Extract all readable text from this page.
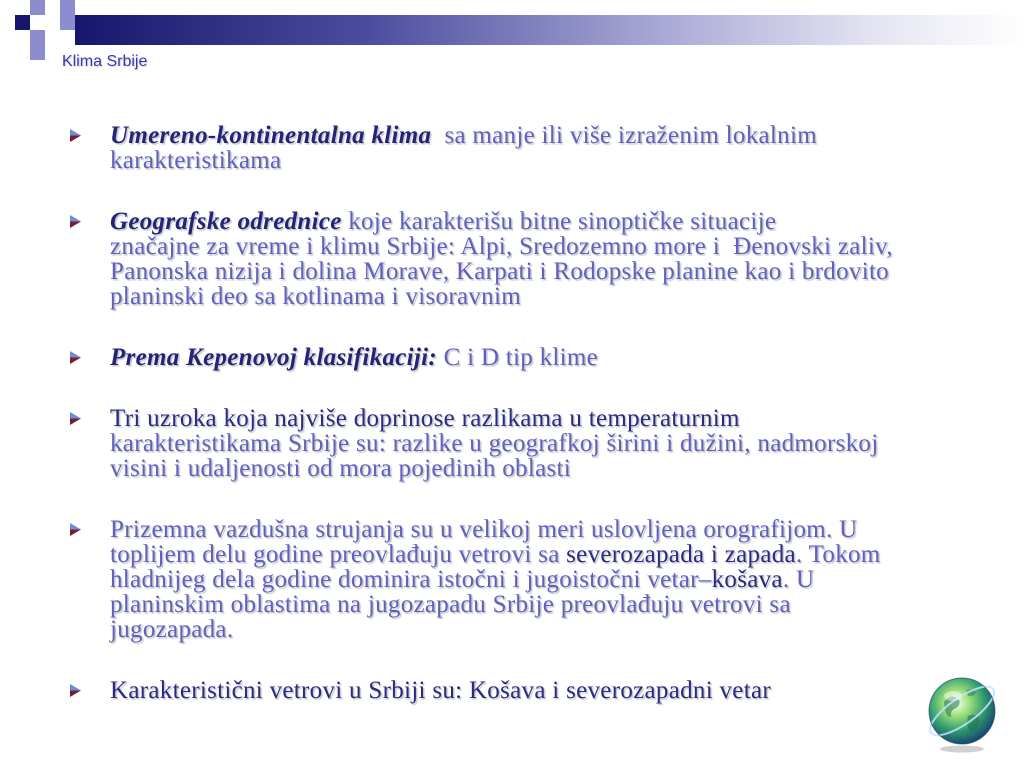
Klima Srbije
Umereno-kontinentalna klima sa manje ili više izraženim lokalnim
karakteristikama
Geografske odrednice koje karakterišu bitne sinoptičke situacije
značajne za vreme i klimu Srbije: Alpi, Sredozemno more i  Đenovski zaliv,
Panonska nizija i dolina Morave, Karpati i Rodopske planine kao i brdovito
planinski deo sa kotlinama i visoravnim
Prema Kepenovoj klasifikaciji: C i D tip klime
Tri uzroka koja najviše doprinose razlikama u temperaturnim
karakteristikama Srbije su: razlike u geografkoj širini i dužini, nadmorskoj
visini i udaljenosti od mora pojedinih oblasti
Prizemna vazdušna strujanja su u velikoj meri uslovljena orografijom. U
toplijem delu godine preovlađuju vetrovi sa severozapada i zapada . Tokom
hladnijeg dela godine dominira istočni i jugoistočni vetar– košava . U
planinskim oblastima na jugozapadu Srbije preovlađuju vetrovi sa
jugozapada.
Karakteristični vetrovi u Srbiji su: Košava i severozapadni vetar
